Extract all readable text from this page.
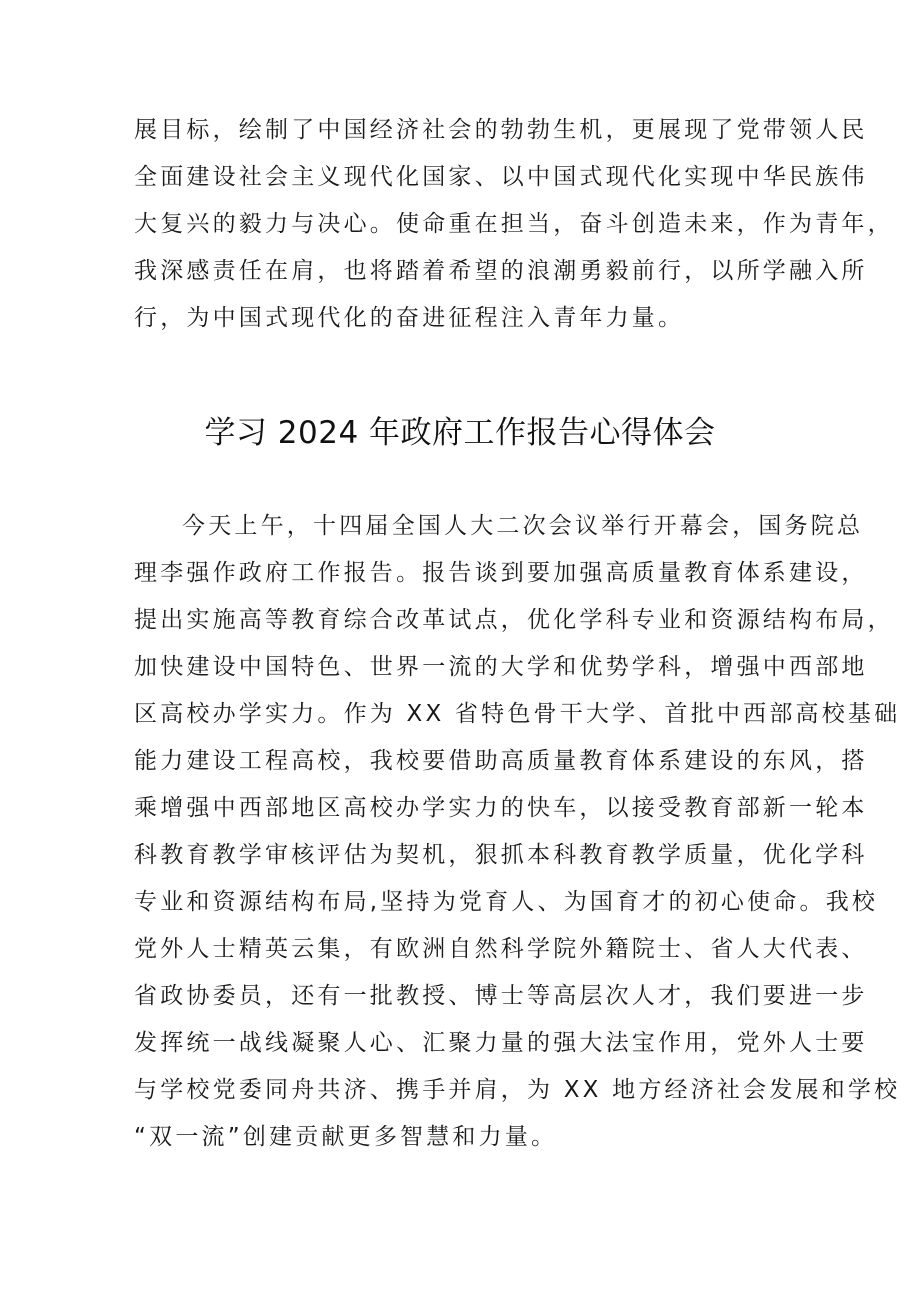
展目标，绘制了中国经济社会的勃勃生机，更展现了党带领人民
全面建设社会主义现代化国家、以中国式现代化实现中华民族伟
大复兴的毅力与决心。使命重在担当，奋斗创造未来，作为青年，
我深感责任在肩，也将踏着希望的浪潮勇毅前行，以所学融入所
行，为中国式现代化的奋进征程注入青年力量。
学习 2024 年政府工作报告心得体会
今天上午，十四届全国人大二次会议举行开幕会，国务院总
理李强作政府工作报告。报告谈到要加强高质量教育体系建设，
提出实施高等教育综合改革试点，优化学科专业和资源结构布局，
加快建设中国特色、世界一流的大学和优势学科，增强中西部地
区高校办学实力。作为 XX 省特色骨干大学、首批中西部高校基础
能力建设工程高校，我校要借助高质量教育体系建设的东风，搭
乘增强中西部地区高校办学实力的快车，以接受教育部新一轮本
科教育教学审核评估为契机，狠抓本科教育教学质量，优化学科
专业和资源结构布局,坚持为党育人、为国育才的初心使命。我校
党外人士精英云集，有欧洲自然科学院外籍院士、省人大代表、
省政协委员，还有一批教授、博士等高层次人才，我们要进一步
发挥统一战线凝聚人心、汇聚力量的强大法宝作用，党外人士要
与学校党委同舟共济、携手并肩，为 XX 地方经济社会发展和学校
“双一流”创建贡献更多智慧和力量。
